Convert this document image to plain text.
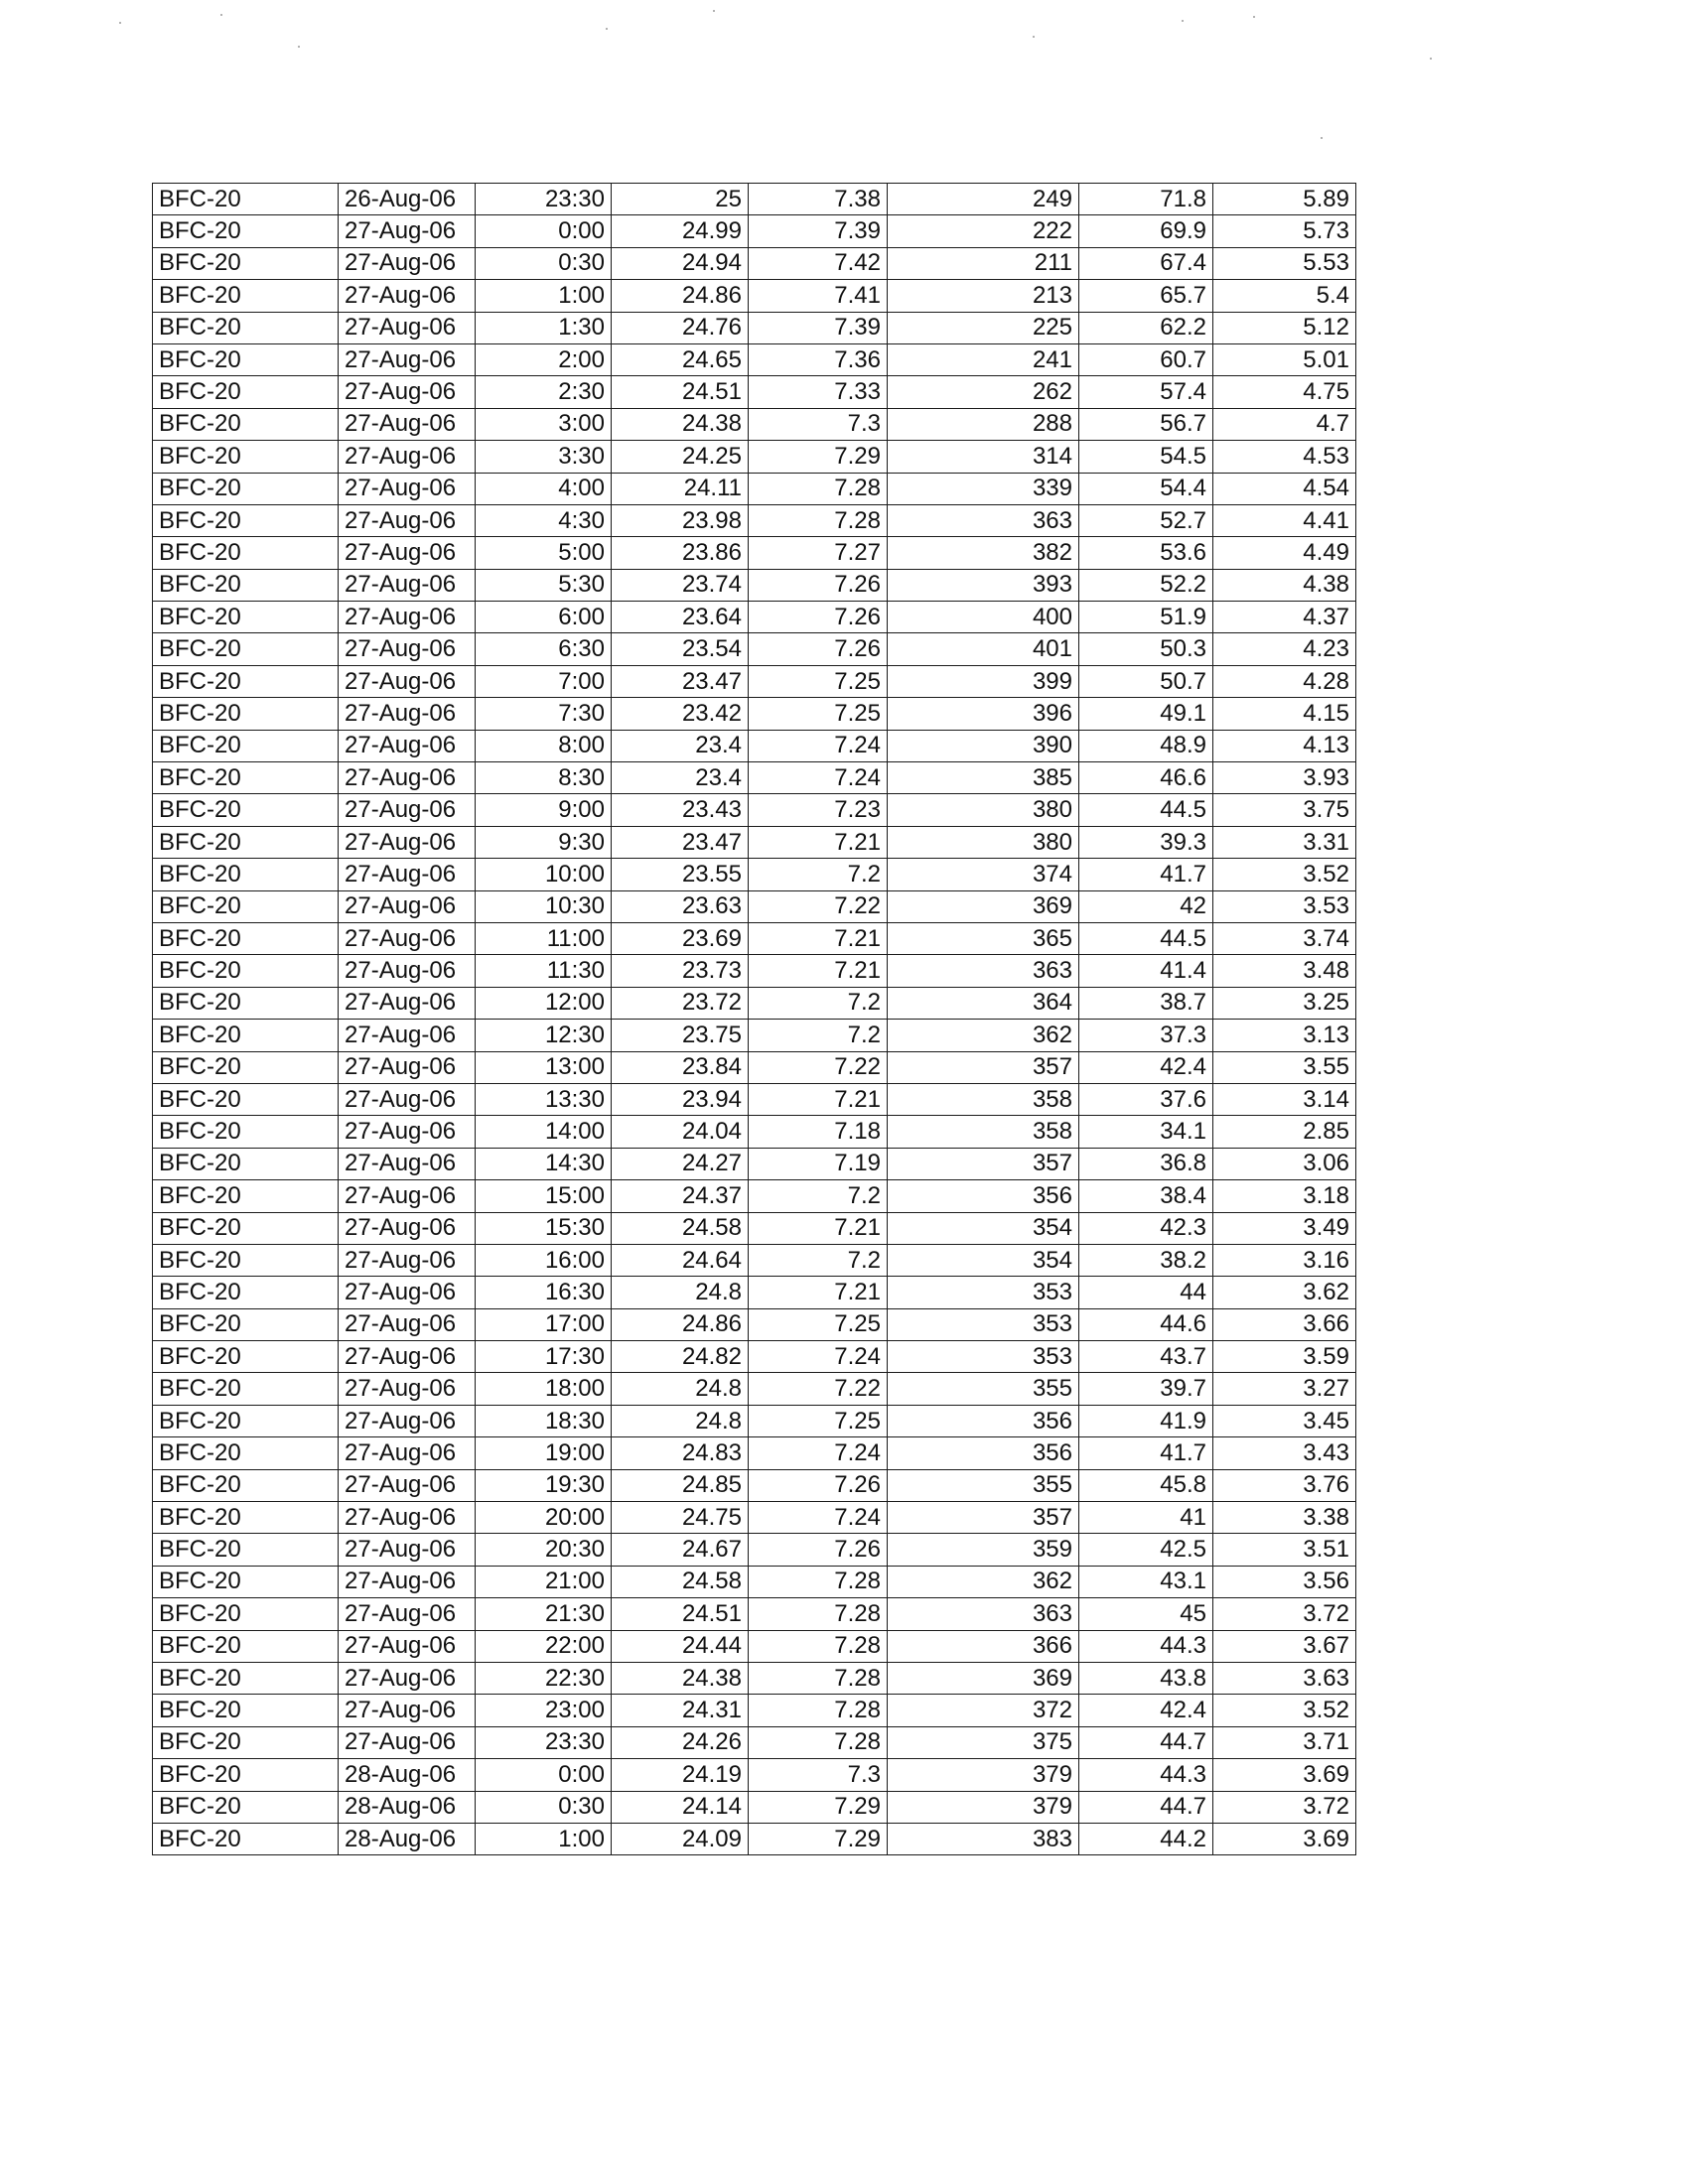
BFC-20	26-Aug-06	23:30	25	7.38	249	71.8	5.89
BFC-20	27-Aug-06	0:00	24.99	7.39	222	69.9	5.73
BFC-20	27-Aug-06	0:30	24.94	7.42	211	67.4	5.53
BFC-20	27-Aug-06	1:00	24.86	7.41	213	65.7	5.4
BFC-20	27-Aug-06	1:30	24.76	7.39	225	62.2	5.12
BFC-20	27-Aug-06	2:00	24.65	7.36	241	60.7	5.01
BFC-20	27-Aug-06	2:30	24.51	7.33	262	57.4	4.75
BFC-20	27-Aug-06	3:00	24.38	7.3	288	56.7	4.7
BFC-20	27-Aug-06	3:30	24.25	7.29	314	54.5	4.53
BFC-20	27-Aug-06	4:00	24.11	7.28	339	54.4	4.54
BFC-20	27-Aug-06	4:30	23.98	7.28	363	52.7	4.41
BFC-20	27-Aug-06	5:00	23.86	7.27	382	53.6	4.49
BFC-20	27-Aug-06	5:30	23.74	7.26	393	52.2	4.38
BFC-20	27-Aug-06	6:00	23.64	7.26	400	51.9	4.37
BFC-20	27-Aug-06	6:30	23.54	7.26	401	50.3	4.23
BFC-20	27-Aug-06	7:00	23.47	7.25	399	50.7	4.28
BFC-20	27-Aug-06	7:30	23.42	7.25	396	49.1	4.15
BFC-20	27-Aug-06	8:00	23.4	7.24	390	48.9	4.13
BFC-20	27-Aug-06	8:30	23.4	7.24	385	46.6	3.93
BFC-20	27-Aug-06	9:00	23.43	7.23	380	44.5	3.75
BFC-20	27-Aug-06	9:30	23.47	7.21	380	39.3	3.31
BFC-20	27-Aug-06	10:00	23.55	7.2	374	41.7	3.52
BFC-20	27-Aug-06	10:30	23.63	7.22	369	42	3.53
BFC-20	27-Aug-06	11:00	23.69	7.21	365	44.5	3.74
BFC-20	27-Aug-06	11:30	23.73	7.21	363	41.4	3.48
BFC-20	27-Aug-06	12:00	23.72	7.2	364	38.7	3.25
BFC-20	27-Aug-06	12:30	23.75	7.2	362	37.3	3.13
BFC-20	27-Aug-06	13:00	23.84	7.22	357	42.4	3.55
BFC-20	27-Aug-06	13:30	23.94	7.21	358	37.6	3.14
BFC-20	27-Aug-06	14:00	24.04	7.18	358	34.1	2.85
BFC-20	27-Aug-06	14:30	24.27	7.19	357	36.8	3.06
BFC-20	27-Aug-06	15:00	24.37	7.2	356	38.4	3.18
BFC-20	27-Aug-06	15:30	24.58	7.21	354	42.3	3.49
BFC-20	27-Aug-06	16:00	24.64	7.2	354	38.2	3.16
BFC-20	27-Aug-06	16:30	24.8	7.21	353	44	3.62
BFC-20	27-Aug-06	17:00	24.86	7.25	353	44.6	3.66
BFC-20	27-Aug-06	17:30	24.82	7.24	353	43.7	3.59
BFC-20	27-Aug-06	18:00	24.8	7.22	355	39.7	3.27
BFC-20	27-Aug-06	18:30	24.8	7.25	356	41.9	3.45
BFC-20	27-Aug-06	19:00	24.83	7.24	356	41.7	3.43
BFC-20	27-Aug-06	19:30	24.85	7.26	355	45.8	3.76
BFC-20	27-Aug-06	20:00	24.75	7.24	357	41	3.38
BFC-20	27-Aug-06	20:30	24.67	7.26	359	42.5	3.51
BFC-20	27-Aug-06	21:00	24.58	7.28	362	43.1	3.56
BFC-20	27-Aug-06	21:30	24.51	7.28	363	45	3.72
BFC-20	27-Aug-06	22:00	24.44	7.28	366	44.3	3.67
BFC-20	27-Aug-06	22:30	24.38	7.28	369	43.8	3.63
BFC-20	27-Aug-06	23:00	24.31	7.28	372	42.4	3.52
BFC-20	27-Aug-06	23:30	24.26	7.28	375	44.7	3.71
BFC-20	28-Aug-06	0:00	24.19	7.3	379	44.3	3.69
BFC-20	28-Aug-06	0:30	24.14	7.29	379	44.7	3.72
BFC-20	28-Aug-06	1:00	24.09	7.29	383	44.2	3.69
